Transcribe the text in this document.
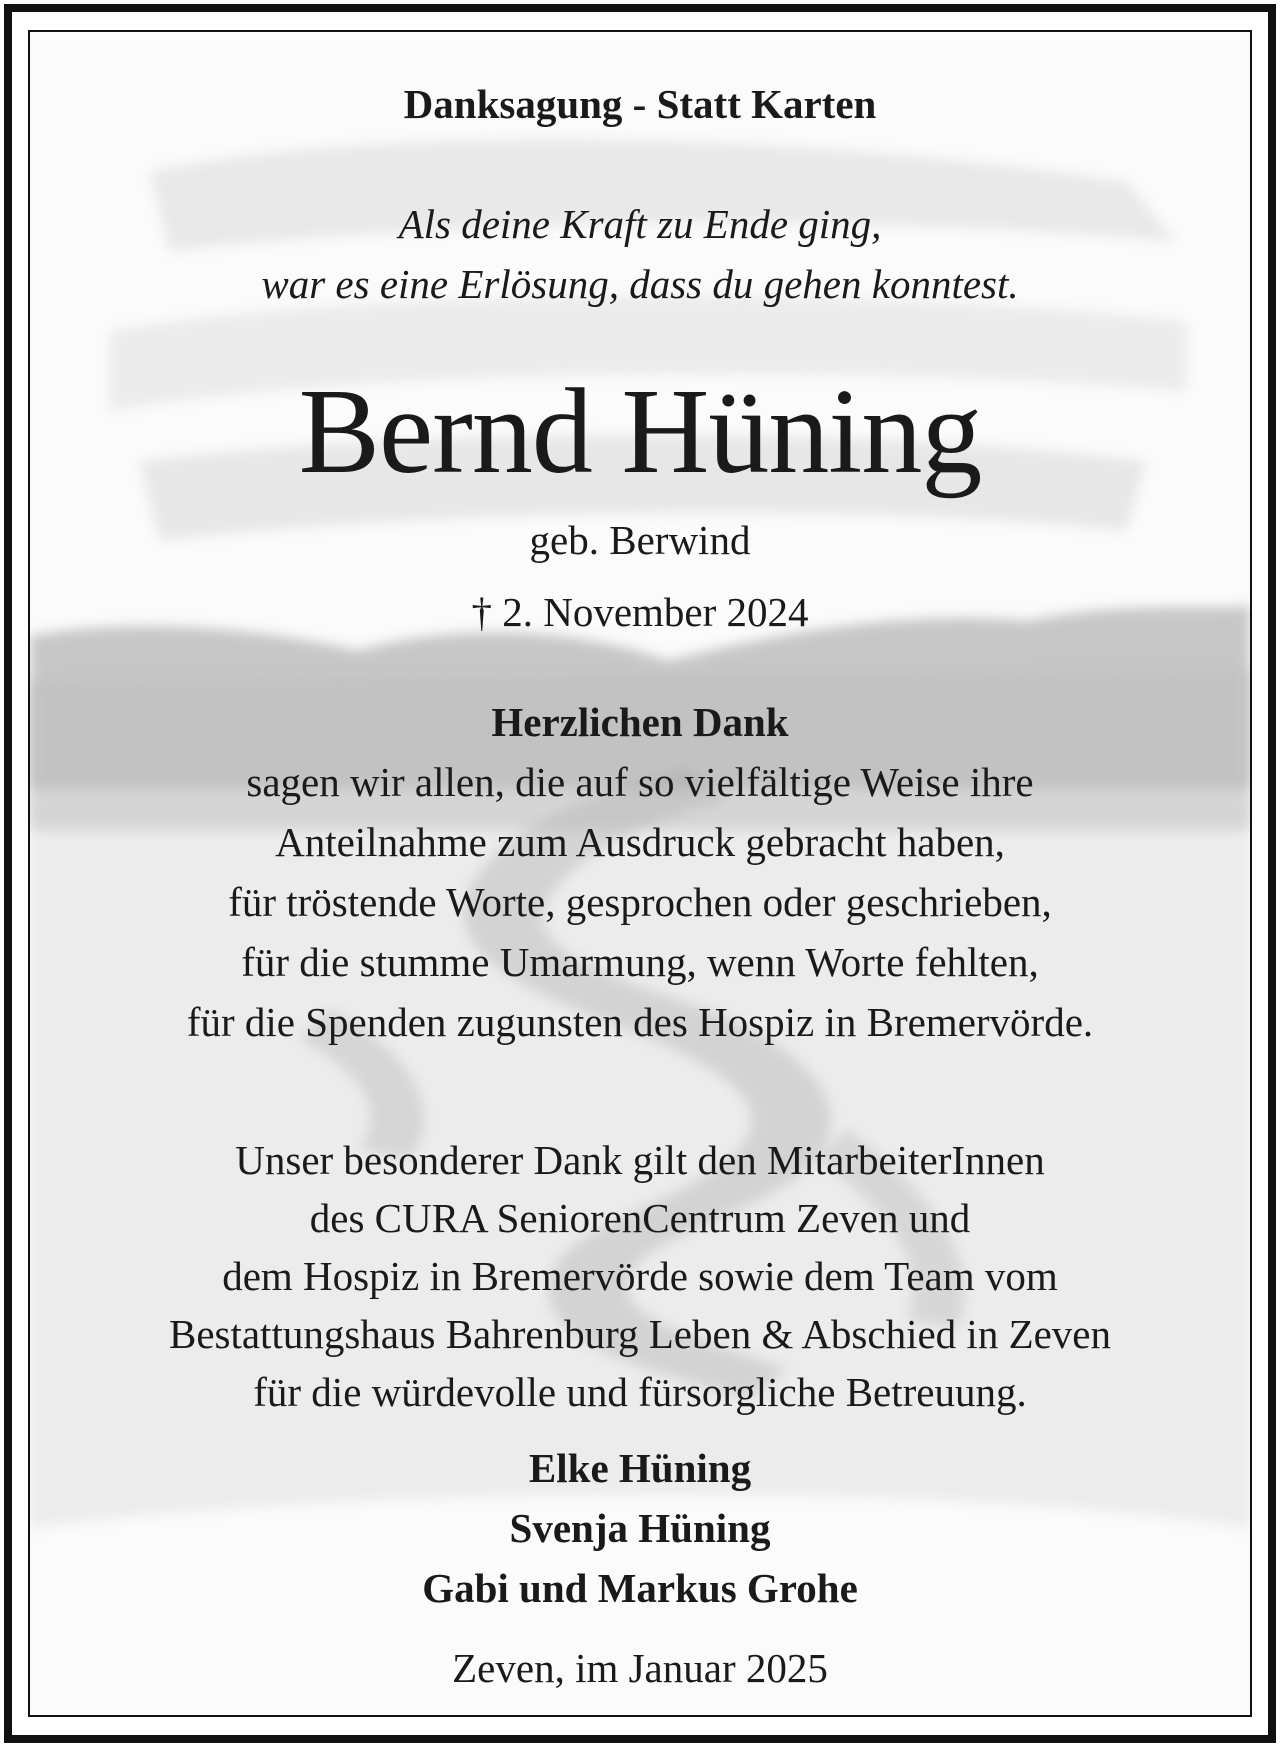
Danksagung - Statt Karten
Als deine Kraft zu Ende ging,
war es eine Erlösung, dass du gehen konntest.
Bernd Hüning
geb. Berwind
† 2. November 2024
Herzlichen Dank
sagen wir allen, die auf so vielfältige Weise ihre
Anteilnahme zum Ausdruck gebracht haben,
für tröstende Worte, gesprochen oder geschrieben,
für die stumme Umarmung, wenn Worte fehlten,
für die Spenden zugunsten des Hospiz in Bremervörde.
Unser besonderer Dank gilt den MitarbeiterInnen
des CURA SeniorenCentrum Zeven und
dem Hospiz in Bremervörde sowie dem Team vom
Bestattungshaus Bahrenburg Leben & Abschied in Zeven
für die würdevolle und fürsorgliche Betreuung.
Elke Hüning
Svenja Hüning
Gabi und Markus Grohe
Zeven, im Januar 2025
